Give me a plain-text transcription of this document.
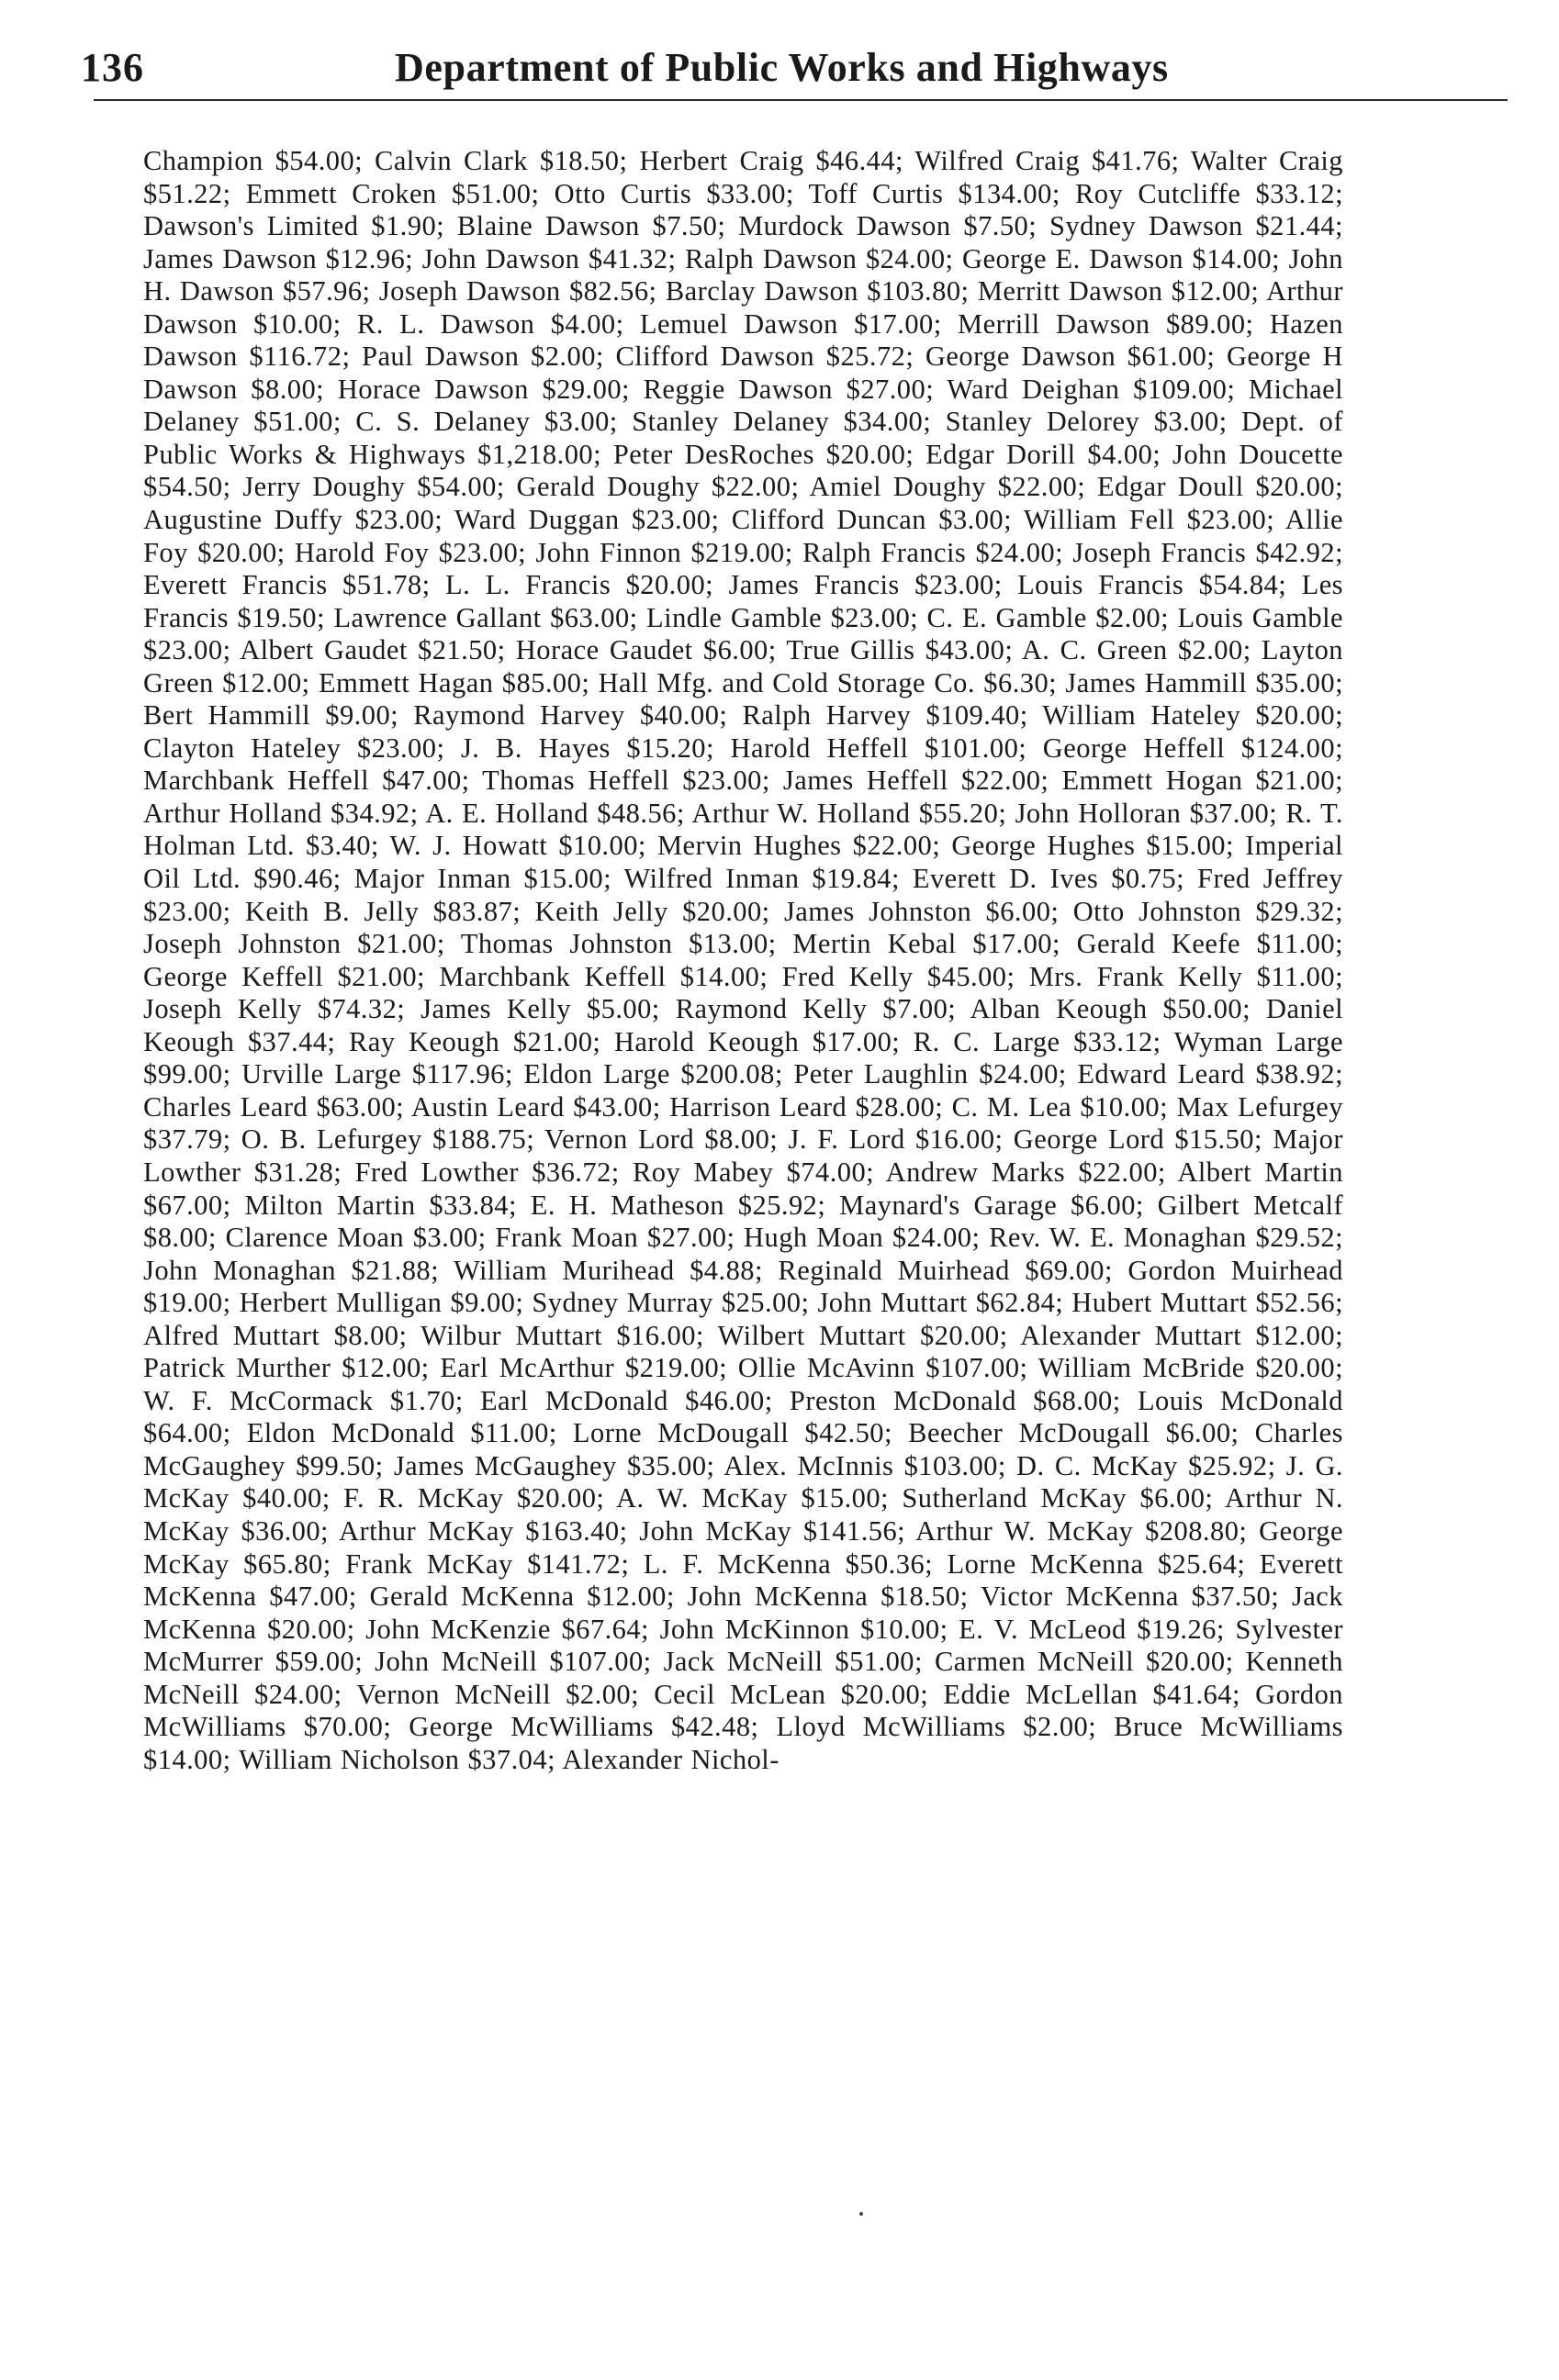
136	Department of Public Works and Highways

Champion $54.00; Calvin Clark $18.50; Herbert Craig $46.44; Wilfred Craig $41.76; Walter Craig $51.22; Emmett Croken $51.00; Otto Curtis $33.00; Toff Curtis $134.00; Roy Cutcliffe $33.12; Dawson's Limited $1.90; Blaine Dawson $7.50; Murdock Dawson $7.50; Sydney Dawson $21.44; James Dawson $12.96; John Dawson $41.32; Ralph Dawson $24.00; George E. Dawson $14.00; John H. Dawson $57.96; Joseph Dawson $82.56; Barclay Dawson $103.80; Merritt Dawson $12.00; Arthur Dawson $10.00; R. L. Dawson $4.00; Lemuel Dawson $17.00; Merrill Dawson $89.00; Hazen Dawson $116.72; Paul Dawson $2.00; Clifford Dawson $25.72; George Dawson $61.00; George H Dawson $8.00; Horace Dawson $29.00; Reggie Dawson $27.00; Ward Deighan $109.00; Michael Delaney $51.00; C. S. Delaney $3.00; Stanley Delaney $34.00; Stanley Delorey $3.00; Dept. of Public Works & Highways $1,218.00; Peter DesRoches $20.00; Edgar Dorill $4.00; John Doucette $54.50; Jerry Doughy $54.00; Gerald Doughy $22.00; Amiel Doughy $22.00; Edgar Doull $20.00; Augustine Duffy $23.00; Ward Duggan $23.00; Clifford Duncan $3.00; William Fell $23.00; Allie Foy $20.00; Harold Foy $23.00; John Finnon $219.00; Ralph Francis $24.00; Joseph Francis $42.92; Everett Francis $51.78; L. L. Francis $20.00; James Francis $23.00; Louis Francis $54.84; Les Francis $19.50; Lawrence Gallant $63.00; Lindle Gamble $23.00; C. E. Gamble $2.00; Louis Gamble $23.00; Albert Gaudet $21.50; Horace Gaudet $6.00; True Gillis $43.00; A. C. Green $2.00; Layton Green $12.00; Emmett Hagan $85.00; Hall Mfg. and Cold Storage Co. $6.30; James Hammill $35.00; Bert Hammill $9.00; Raymond Harvey $40.00; Ralph Harvey $109.40; William Hateley $20.00; Clayton Hateley $23.00; J. B. Hayes $15.20; Harold Heffell $101.00; George Heffell $124.00; Marchbank Heffell $47.00; Thomas Heffell $23.00; James Heffell $22.00; Emmett Hogan $21.00; Arthur Holland $34.92; A. E. Holland $48.56; Arthur W. Holland $55.20; John Holloran $37.00; R. T. Holman Ltd. $3.40; W. J. Howatt $10.00; Mervin Hughes $22.00; George Hughes $15.00; Imperial Oil Ltd. $90.46; Major Inman $15.00; Wilfred Inman $19.84; Everett D. Ives $0.75; Fred Jeffrey $23.00; Keith B. Jelly $83.87; Keith Jelly $20.00; James Johnston $6.00; Otto Johnston $29.32; Joseph Johnston $21.00; Thomas Johnston $13.00; Mertin Kebal $17.00; Gerald Keefe $11.00; George Keffell $21.00; Marchbank Keffell $14.00; Fred Kelly $45.00; Mrs. Frank Kelly $11.00; Joseph Kelly $74.32; James Kelly $5.00; Raymond Kelly $7.00; Alban Keough $50.00; Daniel Keough $37.44; Ray Keough $21.00; Harold Keough $17.00; R. C. Large $33.12; Wyman Large $99.00; Urville Large $117.96; Eldon Large $200.08; Peter Laughlin $24.00; Edward Leard $38.92; Charles Leard $63.00; Austin Leard $43.00; Harrison Leard $28.00; C. M. Lea $10.00; Max Lefurgey $37.79; O. B. Lefurgey $188.75; Vernon Lord $8.00; J. F. Lord $16.00; George Lord $15.50; Major Lowther $31.28; Fred Lowther $36.72; Roy Mabey $74.00; Andrew Marks $22.00; Albert Martin $67.00; Milton Martin $33.84; E. H. Matheson $25.92; Maynard's Garage $6.00; Gilbert Metcalf $8.00; Clarence Moan $3.00; Frank Moan $27.00; Hugh Moan $24.00; Rev. W. E. Monaghan $29.52; John Monaghan $21.88; William Murihead $4.88; Reginald Muirhead $69.00; Gordon Muirhead $19.00; Herbert Mulligan $9.00; Sydney Murray $25.00; John Muttart $62.84; Hubert Muttart $52.56; Alfred Muttart $8.00; Wilbur Muttart $16.00; Wilbert Muttart $20.00; Alexander Muttart $12.00; Patrick Murther $12.00; Earl McArthur $219.00; Ollie McAvinn $107.00; William McBride $20.00; W. F. McCormack $1.70; Earl McDonald $46.00; Preston McDonald $68.00; Louis McDonald $64.00; Eldon McDonald $11.00; Lorne McDougall $42.50; Beecher McDougall $6.00; Charles McGaughey $99.50; James McGaughey $35.00; Alex. McInnis $103.00; D. C. McKay $25.92; J. G. McKay $40.00; F. R. McKay $20.00; A. W. McKay $15.00; Sutherland McKay $6.00; Arthur N. McKay $36.00; Arthur McKay $163.40; John McKay $141.56; Arthur W. McKay $208.80; George McKay $65.80; Frank McKay $141.72; L. F. McKenna $50.36; Lorne McKenna $25.64; Everett McKenna $47.00; Gerald McKenna $12.00; John McKenna $18.50; Victor McKenna $37.50; Jack McKenna $20.00; John McKenzie $67.64; John McKinnon $10.00; E. V. McLeod $19.26; Sylvester McMurrer $59.00; John McNeill $107.00; Jack McNeill $51.00; Carmen McNeill $20.00; Kenneth McNeill $24.00; Vernon McNeill $2.00; Cecil McLean $20.00; Eddie McLellan $41.64; Gordon McWilliams $70.00; George McWilliams $42.48; Lloyd McWilliams $2.00; Bruce McWilliams $14.00; William Nicholson $37.04; Alexander Nichol-
